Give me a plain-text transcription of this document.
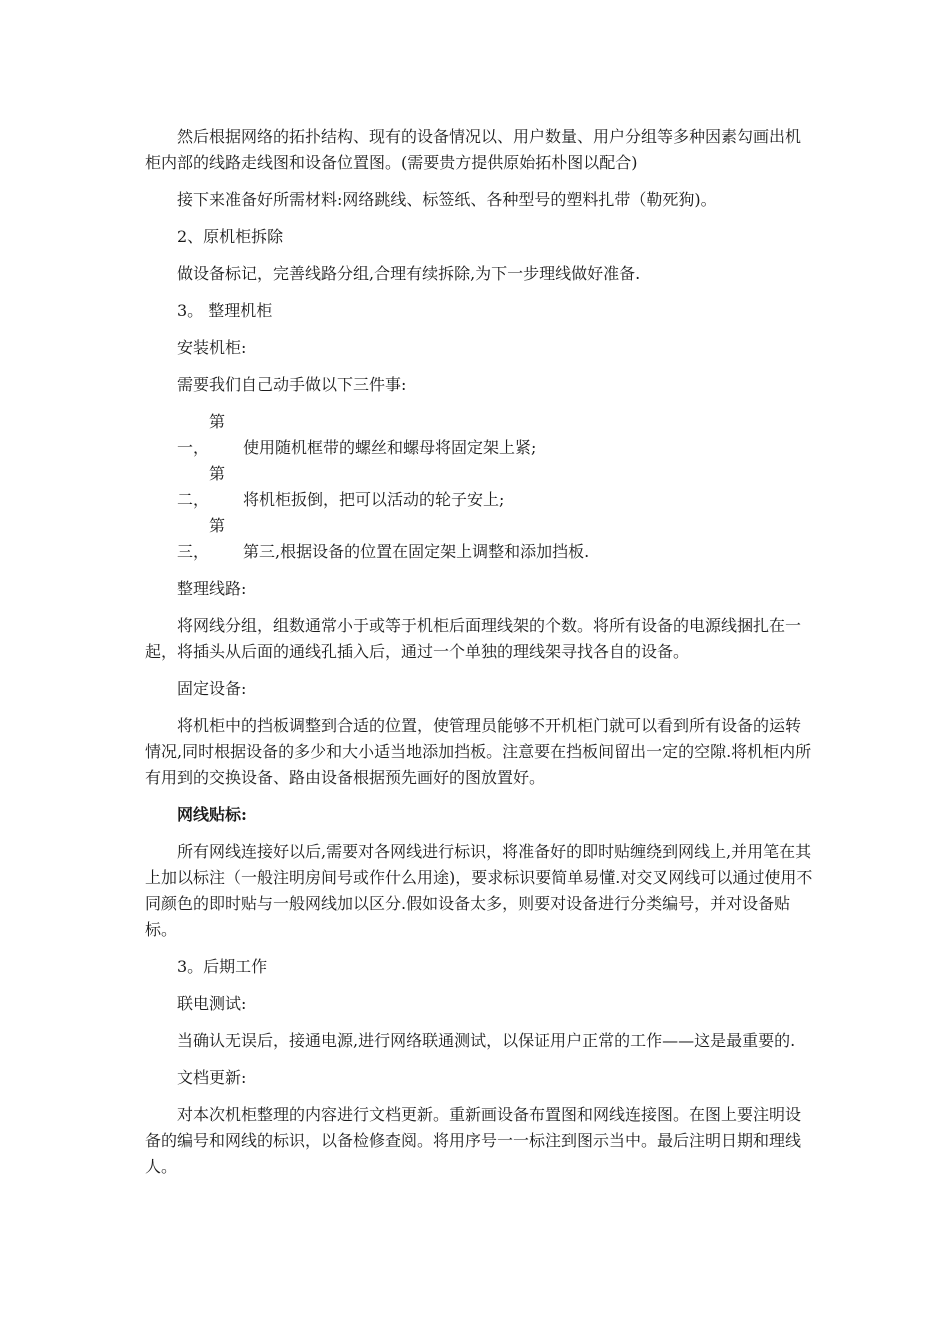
然后根据网络的拓扑结构、现有的设备情况以、用户数量、用户分组等多种因素勾画出机柜内部的线路走线图和设备位置图。(需要贵方提供原始拓朴图以配合)

接下来准备好所需材料:网络跳线、标签纸、各种型号的塑料扎带（勒死狗)。

2、原机柜拆除

做设备标记，完善线路分组,合理有续拆除,为下一步理线做好准备.

3。 整理机柜

安装机柜:

需要我们自己动手做以下三件事:

第一， 使用随机框带的螺丝和螺母将固定架上紧;
第二， 将机柜扳倒，把可以活动的轮子安上;
第三， 第三,根据设备的位置在固定架上调整和添加挡板.

整理线路:

将网线分组，组数通常小于或等于机柜后面理线架的个数。将所有设备的电源线捆扎在一起，将插头从后面的通线孔插入后，通过一个单独的理线架寻找各自的设备。

固定设备:

将机柜中的挡板调整到合适的位置，使管理员能够不开机柜门就可以看到所有设备的运转情况,同时根据设备的多少和大小适当地添加挡板。注意要在挡板间留出一定的空隙.将机柜内所有用到的交换设备、路由设备根据预先画好的图放置好。

网线贴标:

所有网线连接好以后,需要对各网线进行标识，将准备好的即时贴缠绕到网线上,并用笔在其上加以标注（一般注明房间号或作什么用途)，要求标识要简单易懂.对交叉网线可以通过使用不同颜色的即时贴与一般网线加以区分.假如设备太多，则要对设备进行分类编号，并对设备贴标。

3。后期工作

联电测试:

当确认无误后，接通电源,进行网络联通测试，以保证用户正常的工作——这是最重要的.

文档更新:

对本次机柜整理的内容进行文档更新。重新画设备布置图和网线连接图。在图上要注明设备的编号和网线的标识，以备检修查阅。将用序号一一标注到图示当中。最后注明日期和理线人。
